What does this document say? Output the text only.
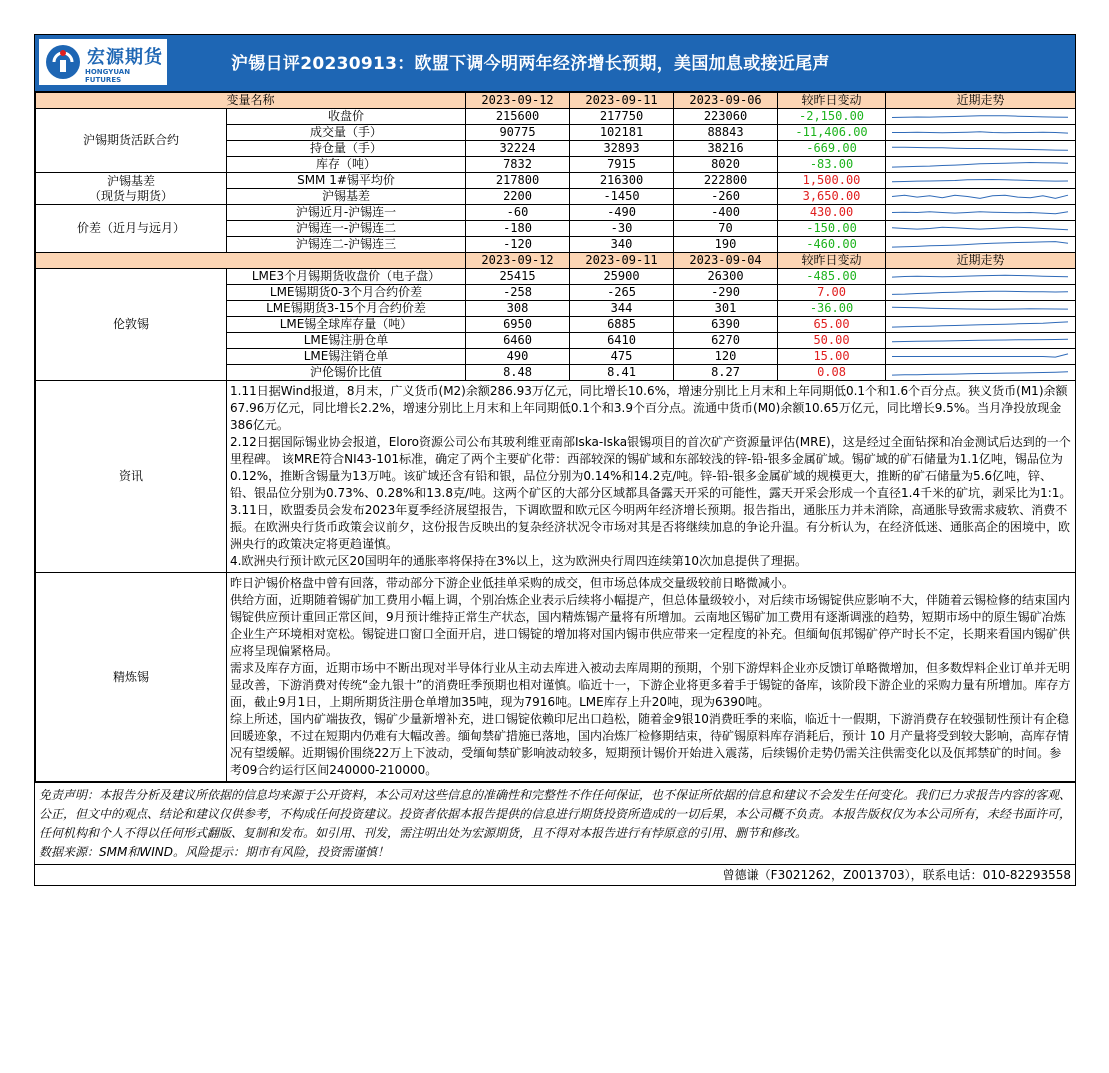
宏源期货
HONGYUAN FUTURES
沪锡日评20230913：欧盟下调今明两年经济增长预期，美国加息或接近尾声
变量名称		2023-09-12	2023-09-11	2023-09-06	较昨日变动	近期走势
沪锡期货活跃合约	收盘价	215600	217750	223060	-2,150.00	

	成交量（手）	90775	102181	88843	-11,406.00	

	持仓量（手）	32224	32893	38216	-669.00	

	库存（吨）	7832	7915	8020	-83.00	

沪锡基差
（现货与期货）	SMM 1#锡平均价	217800	216300	222800	1,500.00	

	沪锡基差	2200	-1450	-260	3,650.00	

价差（近月与远月）	沪锡近月-沪锡连一	-60	-490	-400	430.00	

	沪锡连一-沪锡连二	-180	-30	70	-150.00	

	沪锡连二-沪锡连三	-120	340	190	-460.00	

		2023-09-12	2023-09-11	2023-09-04	较昨日变动	近期走势
伦敦锡	LME3个月锡期货收盘价（电子盘）	25415	25900	26300	-485.00	

	LME锡期货0-3个月合约价差	-258	-265	-290	7.00	

	LME锡期货3-15个月合约价差	308	344	301	-36.00	

	LME锡全球库存量（吨）	6950	6885	6390	65.00	

	LME锡注册仓单	6460	6410	6270	50.00	

	LME锡注销仓单	490	475	120	15.00	

	沪伦锡价比值	8.48	8.41	8.27	0.08	

资讯	1.11日据Wind报道，8月末，广义货币(M2)余额286.93万亿元，同比增长10.6%，增速分别比上月末和上年同期低0.1个和1.6个百分点。狭义货币(M1)余额67.96万亿元，同比增长2.2%，增速分别比上月末和上年同期低0.1个和3.9个百分点。流通中货币(M0)余额10.65万亿元，同比增长9.5%。当月净投放现金386亿元。

2.12日据国际锡业协会报道，Eloro资源公司公布其玻利维亚南部Iska-Iska银锡项目的首次矿产资源量评估(MRE)，这是经过全面钻探和冶金测试后达到的一个里程碑。 该MRE符合NI43-101标准，确定了两个主要矿化带：西部较深的锡矿域和东部较浅的锌-铅-银多金属矿域。锡矿域的矿石储量为1.1亿吨，锡品位为0.12%，推断含锡量为13万吨。该矿域还含有铅和银，品位分别为0.14%和14.2克/吨。锌-铅-银多金属矿域的规模更大，推断的矿石储量为5.6亿吨，锌、铅、银品位分别为0.73%、0.28%和13.8克/吨。这两个矿区的大部分区域都具备露天开采的可能性，露天开采会形成一个直径1.4千米的矿坑，剥采比为1:1。

3.11日，欧盟委员会发布2023年夏季经济展望报告，下调欧盟和欧元区今明两年经济增长预期。报告指出，通胀压力并未消除，高通胀导致需求疲软、消费不振。在欧洲央行货币政策会议前夕，这份报告反映出的复杂经济状况令市场对其是否将继续加息的争论升温。有分析认为，在经济低迷、通胀高企的困境中，欧洲央行的政策决定将更趋谨慎。

4.欧洲央行预计欧元区20国明年的通胀率将保持在3%以上，这为欧洲央行周四连续第10次加息提供了理据。					

精炼锡	昨日沪锡价格盘中曾有回落，带动部分下游企业低挂单采购的成交，但市场总体成交量级较前日略微减小。

供给方面，近期随着锡矿加工费用小幅上调，个别冶炼企业表示后续将小幅提产，但总体量级较小，对后续市场锡锭供应影响不大，伴随着云锡检修的结束国内锡锭供应预计重回正常区间，9月预计维持正常生产状态，国内精炼锡产量将有所增加。云南地区锡矿加工费用有逐渐调涨的趋势，短期市场中的原生锡矿冶炼企业生产环境相对宽松。锡锭进口窗口全面开启，进口锡锭的增加将对国内锡市供应带来一定程度的补充。但缅甸佤邦锡矿停产时长不定，长期来看国内锡矿供应将呈现偏紧格局。

需求及库存方面，近期市场中不断出现对半导体行业从主动去库进入被动去库周期的预期，个别下游焊料企业亦反馈订单略微增加，但多数焊料企业订单并无明显改善，下游消费对传统“金九银十”的消费旺季预期也相对谨慎。临近十一，下游企业将更多着手于锡锭的备库，该阶段下游企业的采购力量有所增加。库存方面，截止9月1日，上期所期货注册仓单增加35吨，现为7916吨。LME库存上升20吨，现为6390吨。

综上所述，国内矿端抜孜，锡矿少量新增补充，进口锡锭依赖印尼出口趋松，随着金9银10消费旺季的来临，临近十一假期，下游消费存在较强韧性预计有企稳回暖迹象，不过在短期内仍难有大幅改善。缅甸禁矿措施已落地，国内冶炼厂检修期结束，待矿锡原料库存消耗后，预计 10 月产量将受到较大影响，高库存情况有望缓解。近期锡价围绕22万上下波动，受缅甸禁矿影响波动较多，短期预计锡价开始进入震荡，后续锡价走势仍需关注供需变化以及佤邦禁矿的时间。参考09合约运行区间240000-210000。					

免责声明：本报告分析及建议所依据的信息均来源于公开资料，本公司对这些信息的准确性和完整性不作任何保证，也不保证所依据的信息和建议不会发生任何变化。我们已力求报告内容的客观、公正，但文中的观点、结论和建议仅供参考，不构成任何投资建议。投资者依据本报告提供的信息进行期货投资所造成的一切后果，本公司概不负责。本报告版权仅为本公司所有，未经书面许可，任何机构和个人不得以任何形式翻版、复制和发布。如引用、刊发，需注明出处为宏源期货，且不得对本报告进行有悖原意的引用、删节和修改。
数据来源：SMM和WIND。风险提示：期市有风险，投资需谨慎！
曾德谦（F3021262，Z0013703），联系电话：010-82293558
